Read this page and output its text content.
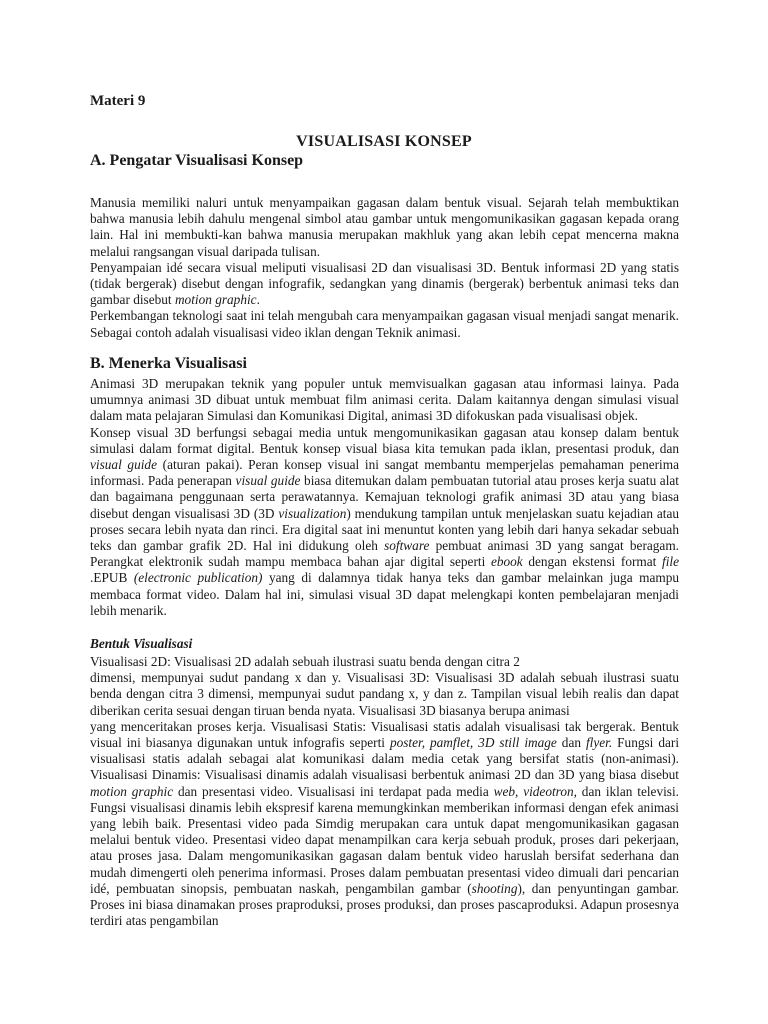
Materi 9
VISUALISASI KONSEP
A. Pengatar Visualisasi Konsep

Manusia memiliki naluri untuk menyampaikan gagasan dalam bentuk visual. Sejarah telah membuktikan bahwa manusia lebih dahulu mengenal simbol atau gambar untuk mengomunikasikan gagasan kepada orang lain. Hal ini membukti-kan bahwa manusia merupakan makhluk yang akan lebih cepat mencerna makna melalui rangsangan visual daripada tulisan.

Penyampaian idé secara visual meliputi visualisasi 2D dan visualisasi 3D. Bentuk informasi 2D yang statis (tidak bergerak) disebut dengan infografik, sedangkan yang dinamis (bergerak) berbentuk animasi teks dan gambar disebut motion graphic.

Perkembangan teknologi saat ini telah mengubah cara menyampaikan gagasan visual menjadi sangat menarik. Sebagai contoh adalah visualisasi video iklan dengan Teknik animasi.

B. Menerka Visualisasi

Animasi 3D merupakan teknik yang populer untuk memvisualkan gagasan atau informasi lainya. Pada umumnya animasi 3D dibuat untuk membuat film animasi cerita. Dalam kaitannya dengan simulasi visual dalam mata pelajaran Simulasi dan Komunikasi Digital, animasi 3D difokuskan pada visualisasi objek.

Konsep visual 3D berfungsi sebagai media untuk mengomunikasikan gagasan atau konsep dalam bentuk simulasi dalam format digital. Bentuk konsep visual biasa kita temukan pada iklan, presentasi produk, dan visual guide (aturan pakai). Peran konsep visual ini sangat membantu memperjelas pemahaman penerima informasi. Pada penerapan visual guide biasa ditemukan dalam pembuatan tutorial atau proses kerja suatu alat dan bagaimana penggunaan serta perawatannya. Kemajuan teknologi grafik animasi 3D atau yang biasa disebut dengan visualisasi 3D (3D visualization) mendukung tampilan untuk menjelaskan suatu kejadian atau proses secara lebih nyata dan rinci. Era digital saat ini menuntut konten yang lebih dari hanya sekadar sebuah teks dan gambar grafik 2D. Hal ini didukung oleh software pembuat animasi 3D yang sangat beragam. Perangkat elektronik sudah mampu membaca bahan ajar digital seperti ebook dengan ekstensi format file .EPUB (electronic publication) yang di dalamnya tidak hanya teks dan gambar melainkan juga mampu membaca format video. Dalam hal ini, simulasi visual 3D dapat melengkapi konten pembelajaran menjadi lebih menarik.

Bentuk Visualisasi

Visualisasi 2D: Visualisasi 2D adalah sebuah ilustrasi suatu benda dengan citra 2

dimensi, mempunyai sudut pandang x dan y. Visualisasi 3D: Visualisasi 3D adalah sebuah ilustrasi suatu benda dengan citra 3 dimensi, mempunyai sudut pandang x, y dan z. Tampilan visual lebih realis dan dapat diberikan cerita sesuai dengan tiruan benda nyata. Visualisasi 3D biasanya berupa animasi

yang menceritakan proses kerja. Visualisasi Statis: Visualisasi statis adalah visualisasi tak bergerak. Bentuk visual ini biasanya digunakan untuk infografis seperti poster, pamflet, 3D still image dan flyer. Fungsi dari visualisasi statis adalah sebagai alat komunikasi dalam media cetak yang bersifat statis (non-animasi). Visualisasi Dinamis: Visualisasi dinamis adalah visualisasi berbentuk animasi 2D dan 3D yang biasa disebut motion graphic dan presentasi video. Visualisasi ini terdapat pada media web, videotron, dan iklan televisi. Fungsi visualisasi dinamis lebih ekspresif karena memungkinkan memberikan informasi dengan efek animasi yang lebih baik. Presentasi video pada Simdig merupakan cara untuk dapat mengomunikasikan gagasan melalui bentuk video. Presentasi video dapat menampilkan cara kerja sebuah produk, proses dari pekerjaan, atau proses jasa. Dalam mengomunikasikan gagasan dalam bentuk video haruslah bersifat sederhana dan mudah dimengerti oleh penerima informasi. Proses dalam pembuatan presentasi video dimuali dari pencarian idé, pembuatan sinopsis, pembuatan naskah, pengambilan gambar (shooting), dan penyuntingan gambar. Proses ini biasa dinamakan proses praproduksi, proses produksi, dan proses pascaproduksi. Adapun prosesnya terdiri atas pengambilan
